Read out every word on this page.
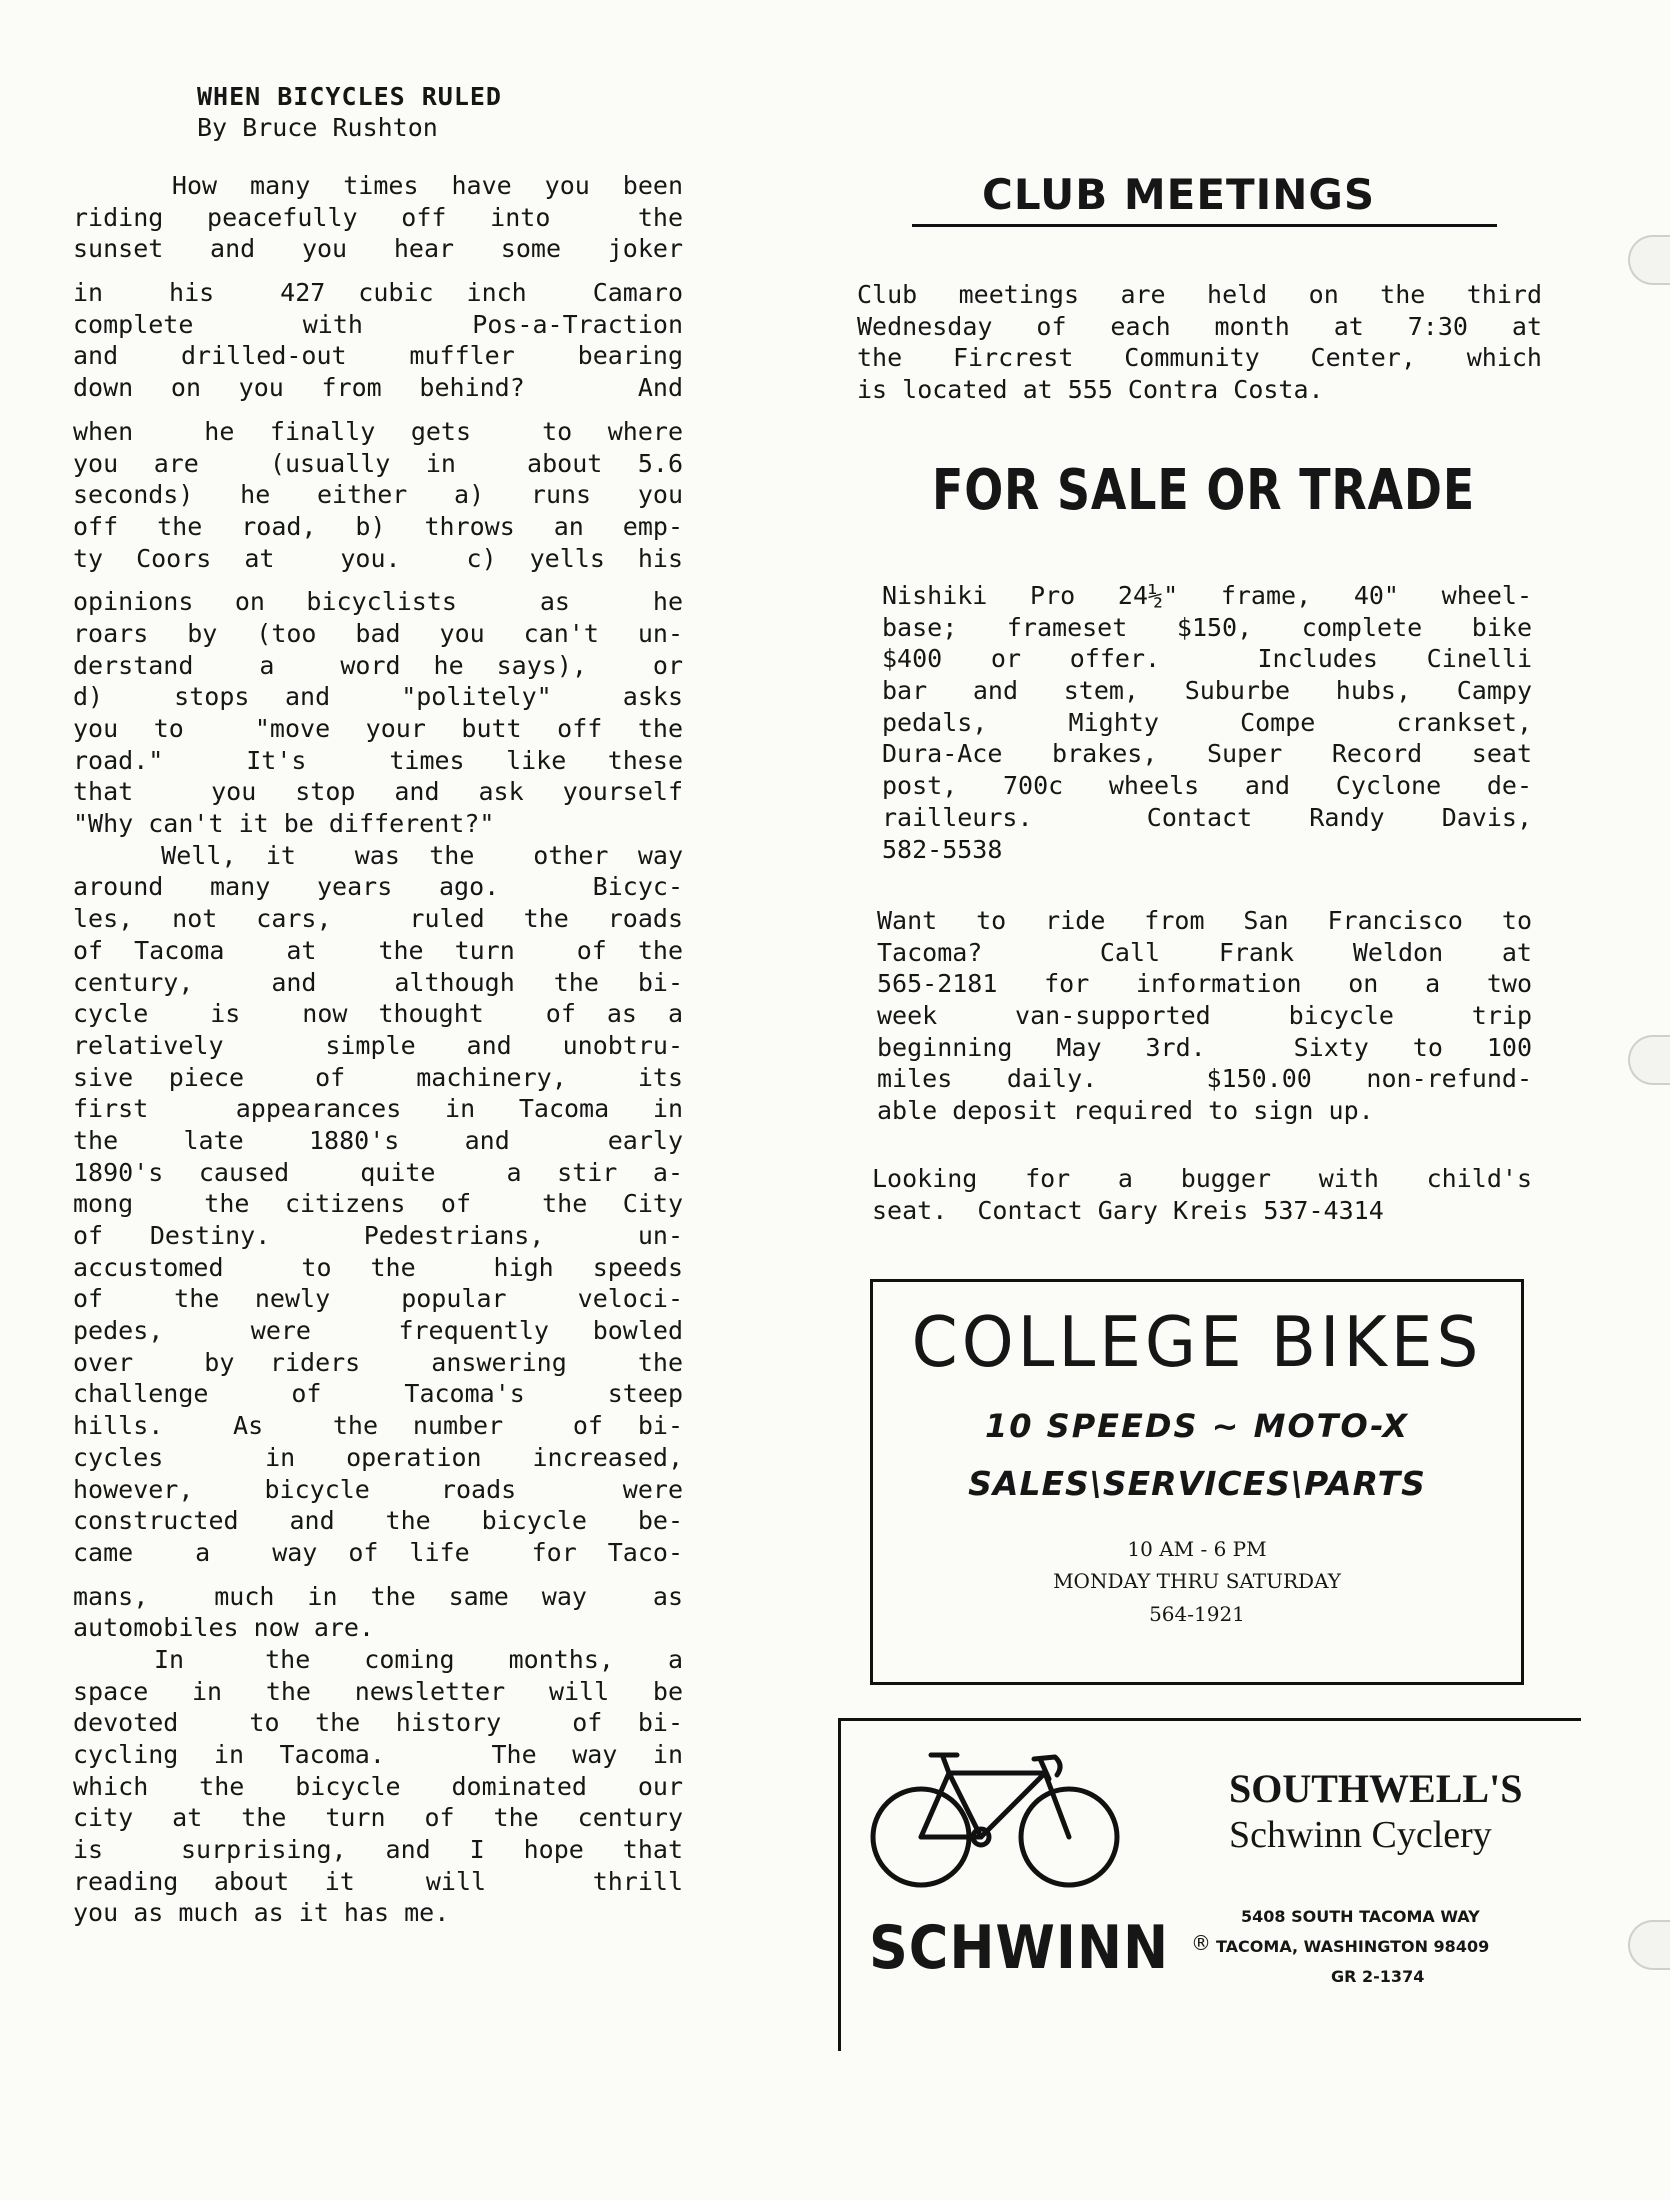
WHEN BICYCLES RULED
By Bruce Rushton
How many times have you been
riding peacefully off into  the
sunset and you hear some joker
in  his  427 cubic inch  Camaro
complete  with  Pos-a-Traction
and drilled-out muffler bearing
down on you from behind?   And
when  he finally gets  to where
you are  (usually in  about 5.6
seconds) he either a) runs you
off the road, b) throws an emp-
ty Coors at  you.  c) yells his
opinions on bicyclists  as  he
roars by (too bad you can't un-
derstand  a  word he says),  or
d)  stops and  "politely"  asks
you to  "move your butt off the
road."  It's  times like these
that  you stop and ask yourself
"Why can't it be different?"
Well, it  was the  other way
around many years ago.  Bicyc-
les, not cars,  ruled the roads
of Tacoma  at  the turn  of the
century,  and  although the bi-
cycle  is  now thought  of as a
relatively  simple and unobtru-
sive piece  of  machinery,  its
first  appearances in Tacoma in
the  late  1880's  and   early
1890's caused  quite  a stir a-
mong  the citizens of  the City
of Destiny.  Pedestrians,  un-
accustomed  to the  high speeds
of  the newly  popular  veloci-
pedes,  were  frequently bowled
over  by riders  answering  the
challenge  of  Tacoma's  steep
hills.  As  the number  of bi-
cycles  in operation increased,
however,  bicycle  roads   were
constructed and the bicycle be-
came  a  way of life  for Taco-
mans,  much in the same way  as
automobiles now are.
In   the  coming  months,  a
space in the newsletter will be
devoted  to the history  of bi-
cycling in Tacoma.   The way in
which the bicycle dominated our
city at the turn of the century
is  surprising, and I hope that
reading about it  will   thrill
you as much as it has me.
CLUB MEETINGS
Club meetings are held on the third
Wednesday of each month at 7:30 at
the Fircrest Community Center, which
is located at 555 Contra Costa.
FOR SALE OR TRADE
Nishiki Pro 24½" frame, 40" wheel-
base; frameset $150, complete bike
$400 or offer.  Includes Cinelli
bar and stem, Suburbe hubs, Campy
pedals, Mighty Compe crankset,
Dura-Ace brakes, Super Record seat
post, 700c wheels and Cyclone de-
railleurs.  Contact Randy Davis,
582-5538
Want to ride from San Francisco to
Tacoma?  Call Frank Weldon at
565-2181 for information on a two
week van-supported bicycle trip
beginning May 3rd.  Sixty to 100
miles daily.  $150.00 non-refund-
able deposit required to sign up.
Looking for a bugger with child's
seat.  Contact Gary Kreis 537-4314
COLLEGE BIKES
10 SPEEDS ~ MOTO-X
SALES\SERVICES\PARTS
10 AM - 6 PM
MONDAY THRU SATURDAY
564-1921
SCHWINN ®
SOUTHWELL'S
Schwinn Cyclery
5408 SOUTH TACOMA WAY
TACOMA, WASHINGTON 98409
GR 2-1374
